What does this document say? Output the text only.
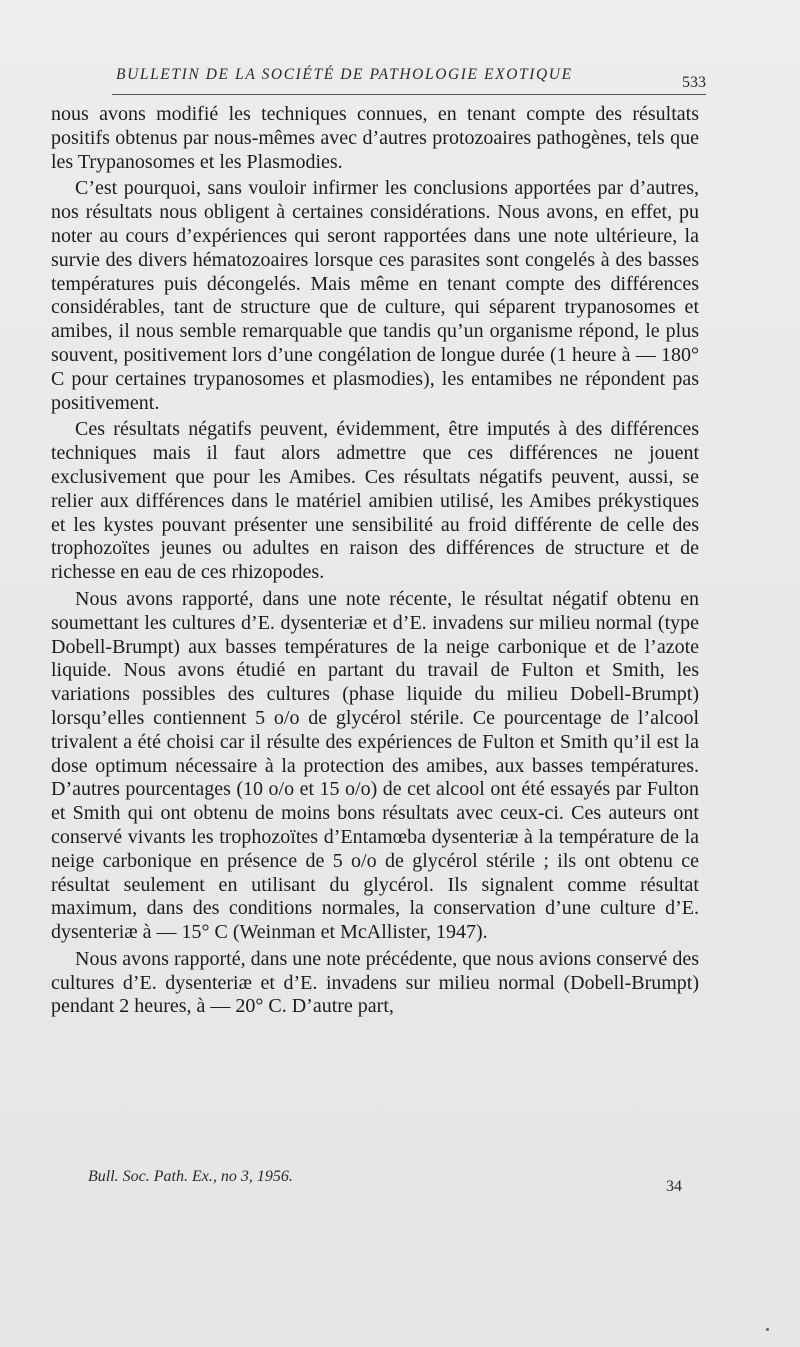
BULLETIN DE LA SOCIÉTÉ DE PATHOLOGIE EXOTIQUE	533

nous avons modifié les techniques connues, en tenant compte des résultats positifs obtenus par nous-mêmes avec d’autres protozoaires pathogènes, tels que les Trypanosomes et les Plasmodies.

C’est pourquoi, sans vouloir infirmer les conclusions apportées par d’autres, nos résultats nous obligent à certaines considérations. Nous avons, en effet, pu noter au cours d’expériences qui seront rapportées dans une note ultérieure, la survie des divers hématozoaires lorsque ces parasites sont congelés à des basses températures puis décongelés. Mais même en tenant compte des différences considérables, tant de structure que de culture, qui séparent trypanosomes et amibes, il nous semble remarquable que tandis qu’un organisme répond, le plus souvent, positivement lors d’une congélation de longue durée (1 heure à — 180° C pour certaines trypanosomes et plasmodies), les entamibes ne répondent pas positivement.

Ces résultats négatifs peuvent, évidemment, être imputés à des différences techniques mais il faut alors admettre que ces différences ne jouent exclusivement que pour les Amibes. Ces résultats négatifs peuvent, aussi, se relier aux différences dans le matériel amibien utilisé, les Amibes prékystiques et les kystes pouvant présenter une sensibilité au froid différente de celle des trophozoïtes jeunes ou adultes en raison des différences de structure et de richesse en eau de ces rhizopodes.

Nous avons rapporté, dans une note récente, le résultat négatif obtenu en soumettant les cultures d’E. dysenteriæ et d’E. invadens sur milieu normal (type Dobell-Brumpt) aux basses températures de la neige carbonique et de l’azote liquide. Nous avons étudié en partant du travail de Fulton et Smith, les variations possibles des cultures (phase liquide du milieu Dobell-Brumpt) lorsqu’elles contiennent 5 o/o de glycérol stérile. Ce pourcentage de l’alcool trivalent a été choisi car il résulte des expériences de Fulton et Smith qu’il est la dose optimum nécessaire à la protection des amibes, aux basses températures. D’autres pourcentages (10 o/o et 15 o/o) de cet alcool ont été essayés par Fulton et Smith qui ont obtenu de moins bons résultats avec ceux-ci. Ces auteurs ont conservé vivants les trophozoïtes d’Entamœba dysenteriæ à la température de la neige carbonique en présence de 5 o/o de glycérol stérile ; ils ont obtenu ce résultat seulement en utilisant du glycérol. Ils signalent comme résultat maximum, dans des conditions normales, la conservation d’une culture d’E. dysenteriæ à — 15° C (Weinman et McAllister, 1947).

Nous avons rapporté, dans une note précédente, que nous avions conservé des cultures d’E. dysenteriæ et d’E. invadens sur milieu normal (Dobell-Brumpt) pendant 2 heures, à — 20° C. D’autre part,

Bull. Soc. Path. Ex., no 3, 1956.
34
